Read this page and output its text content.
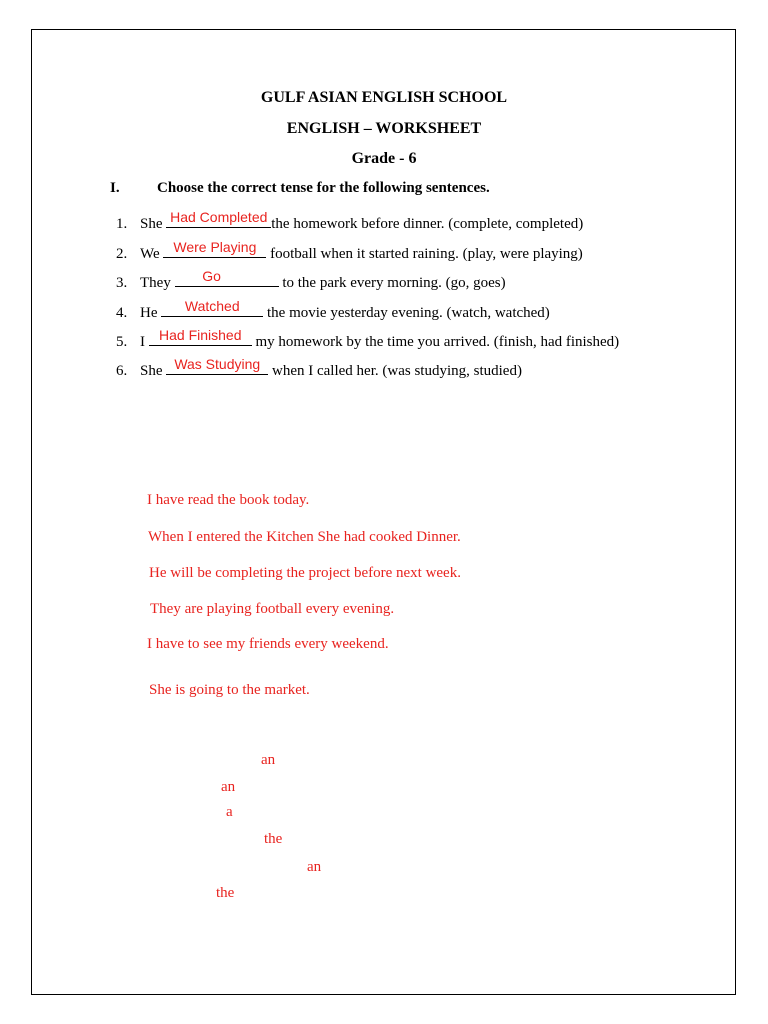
GULF ASIAN ENGLISH SCHOOL
ENGLISH – WORKSHEET
Grade - 6
I. Choose the correct tense for the following sentences.
1. She Had Completed the homework before dinner. (complete, completed)
2. We Were Playing football when it started raining. (play, were playing)
3. They	Go	to the park every morning. (go, goes)
4. He	Watched	the movie yesterday evening. (watch, watched)
5. I Had Finished my homework by the time you arrived. (finish, had finished)
6. She Was Studying when I called her. (was studying, studied)
I have read the book today.
When I entered the Kitchen She had cooked Dinner.
He will be completing the project before next week.
They are playing football every evening.
I have to see my friends every weekend.
She is going to the market.
an
an
a
the
an
the
